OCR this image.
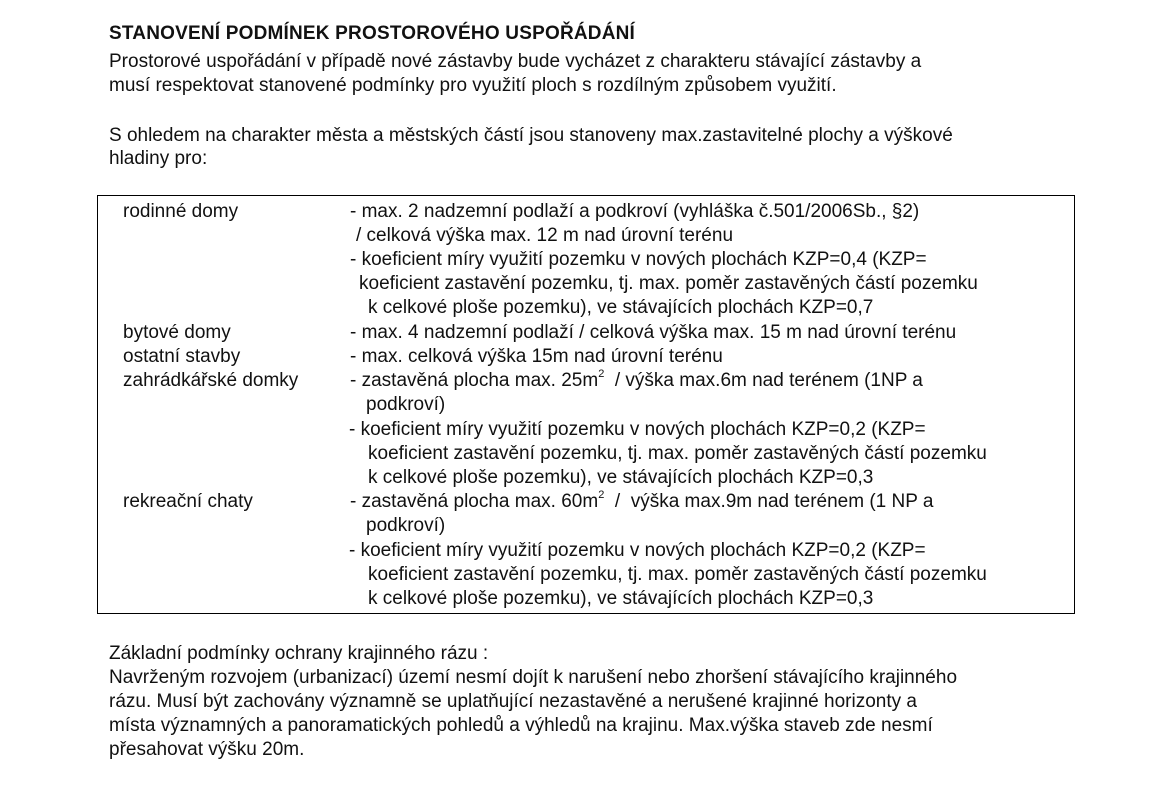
STANOVENÍ PODMÍNEK PROSTOROVÉHO USPOŘÁDÁNÍ
Prostorové uspořádání v případě nové zástavby bude vycházet z charakteru stávající zástavby a
musí respektovat stanovené podmínky pro využití ploch s rozdílným způsobem využití.
S ohledem na charakter města a městských částí jsou stanoveny max.zastavitelné plochy a výškové
hladiny pro:
rodinné domy
bytové domy
ostatní stavby
zahrádkářské domky
rekreační chaty
- max. 2 nadzemní podlaží a podkroví (vyhláška č.501/2006Sb., §2)
/ celková výška max. 12 m nad úrovní terénu
- koeficient míry využití pozemku v nových plochách KZP=0,4 (KZP=
koeficient zastavění pozemku, tj. max. poměr zastavěných částí pozemku
k celkové ploše pozemku), ve stávajících plochách KZP=0,7
- max. 4 nadzemní podlaží / celková výška max. 15 m nad úrovní terénu
- max. celková výška 15m nad úrovní terénu
- zastavěná plocha max. $25m^2$  / výška max.6m nad terénem (1NP a
podkroví)
- koeficient míry využití pozemku v nových plochách KZP=0,2 (KZP=
koeficient zastavění pozemku, tj. max. poměr zastavěných částí pozemku
k celkové ploše pozemku), ve stávajících plochách KZP=0,3
- zastavěná plocha max. $60m^2$  /  výška max.9m nad terénem (1 NP a
podkroví)
- koeficient míry využití pozemku v nových plochách KZP=0,2 (KZP=
koeficient zastavění pozemku, tj. max. poměr zastavěných částí pozemku
k celkové ploše pozemku), ve stávajících plochách KZP=0,3
Základní podmínky ochrany krajinného rázu :
Navrženým rozvojem (urbanizací) území nesmí dojít k narušení nebo zhoršení stávajícího krajinného
rázu. Musí být zachovány významně se uplatňující nezastavěné a nerušené krajinné horizonty a
místa významných a panoramatických pohledů a výhledů na krajinu. Max.výška staveb zde nesmí
přesahovat výšku 20m.
